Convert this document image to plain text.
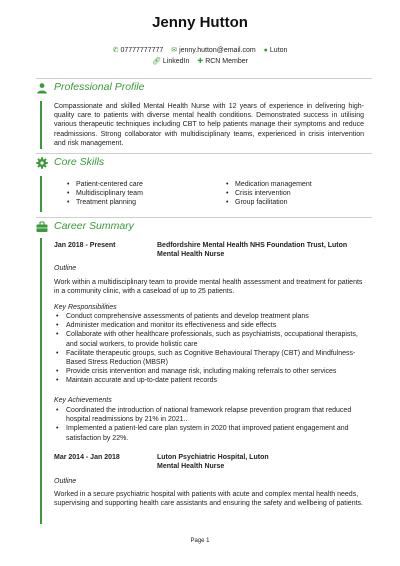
Jenny Hutton
✆ 07777777777 ✉ jenny.hutton@email.com ● Luton
🔗︎ LinkedIn ✚ RCN Member
Professional Profile
Compassionate and skilled Mental Health Nurse with 12 years of experience in delivering high-quality care to patients with diverse mental health conditions. Demonstrated success in utilising various therapeutic techniques including CBT to help patients manage their symptoms and reduce readmissions. Strong collaborator with multidisciplinary teams, experienced in crisis intervention and risk management.
Core Skills
• Patient-centered care
• Multidisciplinary team
• Treatment planning
• Medication management
• Crisis intervention
• Group facilitation
Career Summary
Jan 2018 - Present	Bedfordshire Mental Health NHS Foundation Trust, Luton
Mental Health Nurse
Outline
Work within a multidisciplinary team to provide mental health assessment and treatment for patients in a community clinic, with a caseload of up to 25 patients.
Key Responsibilities
• Conduct comprehensive assessments of patients and develop treatment plans
• Administer medication and monitor its effectiveness and side effects
• Collaborate with other healthcare professionals, such as psychiatrists, occupational therapists, and social workers, to provide holistic care
• Facilitate therapeutic groups, such as Cognitive Behavioural Therapy (CBT) and Mindfulness-Based Stress Reduction (MBSR)
• Provide crisis intervention and manage risk, including making referrals to other services
• Maintain accurate and up-to-date patient records
Key Achievements
• Coordinated the introduction of national framework relapse prevention program that reduced hospital readmissions by 21% in 2021..
• Implemented a patient-led care plan system in 2020 that improved patient engagement and satisfaction by 22%.
Mar 2014 - Jan 2018	Luton Psychiatric Hospital, Luton
Mental Health Nurse
Outline
Worked in a secure psychiatric hospital with patients with acute and complex mental health needs, supervising and supporting health care assistants and ensuring the safety and wellbeing of patients.
Page 1
